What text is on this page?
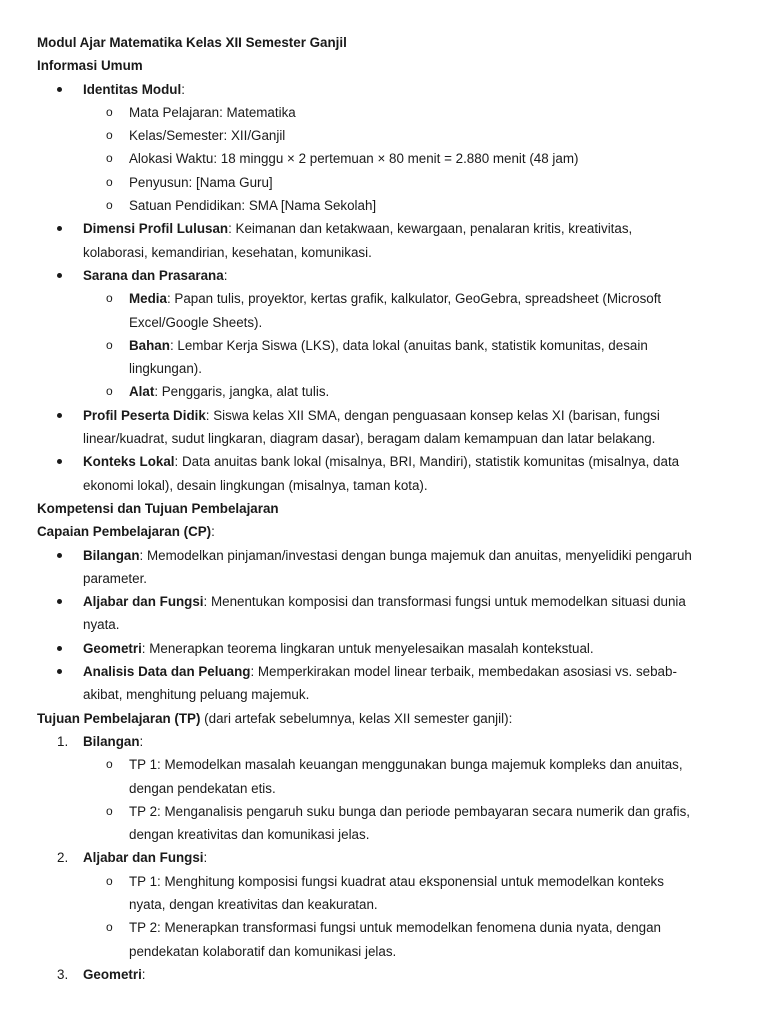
Modul Ajar Matematika Kelas XII Semester Ganjil

Informasi Umum

Identitas Modul:
o Mata Pelajaran: Matematika
o Kelas/Semester: XII/Ganjil
o Alokasi Waktu: 18 minggu × 2 pertemuan × 80 menit = 2.880 menit (48 jam)
o Penyusun: [Nama Guru]
o Satuan Pendidikan: SMA [Nama Sekolah]
Dimensi Profil Lulusan: Keimanan dan ketakwaan, kewargaan, penalaran kritis, kreativitas,
kolaborasi, kemandirian, kesehatan, komunikasi.
Sarana dan Prasarana:
o Media: Papan tulis, proyektor, kertas grafik, kalkulator, GeoGebra, spreadsheet (Microsoft
Excel/Google Sheets).
o Bahan: Lembar Kerja Siswa (LKS), data lokal (anuitas bank, statistik komunitas, desain
lingkungan).
o Alat: Penggaris, jangka, alat tulis.
Profil Peserta Didik: Siswa kelas XII SMA, dengan penguasaan konsep kelas XI (barisan, fungsi
linear/kuadrat, sudut lingkaran, diagram dasar), beragam dalam kemampuan dan latar belakang.
Konteks Lokal: Data anuitas bank lokal (misalnya, BRI, Mandiri), statistik komunitas (misalnya, data
ekonomi lokal), desain lingkungan (misalnya, taman kota).

Kompetensi dan Tujuan Pembelajaran

Capaian Pembelajaran (CP):

Bilangan: Memodelkan pinjaman/investasi dengan bunga majemuk dan anuitas, menyelidiki pengaruh
parameter.
Aljabar dan Fungsi: Menentukan komposisi dan transformasi fungsi untuk memodelkan situasi dunia
nyata.
Geometri: Menerapkan teorema lingkaran untuk menyelesaikan masalah kontekstual.
Analisis Data dan Peluang: Memperkirakan model linear terbaik, membedakan asosiasi vs. sebab-
akibat, menghitung peluang majemuk.

Tujuan Pembelajaran (TP) (dari artefak sebelumnya, kelas XII semester ganjil):

1.	Bilangan:
o TP 1: Memodelkan masalah keuangan menggunakan bunga majemuk kompleks dan anuitas,
dengan pendekatan etis.
o TP 2: Menganalisis pengaruh suku bunga dan periode pembayaran secara numerik dan grafis,
dengan kreativitas dan komunikasi jelas.
2.	Aljabar dan Fungsi:
o TP 1: Menghitung komposisi fungsi kuadrat atau eksponensial untuk memodelkan konteks
nyata, dengan kreativitas dan keakuratan.
o TP 2: Menerapkan transformasi fungsi untuk memodelkan fenomena dunia nyata, dengan
pendekatan kolaboratif dan komunikasi jelas.
3.	Geometri:
